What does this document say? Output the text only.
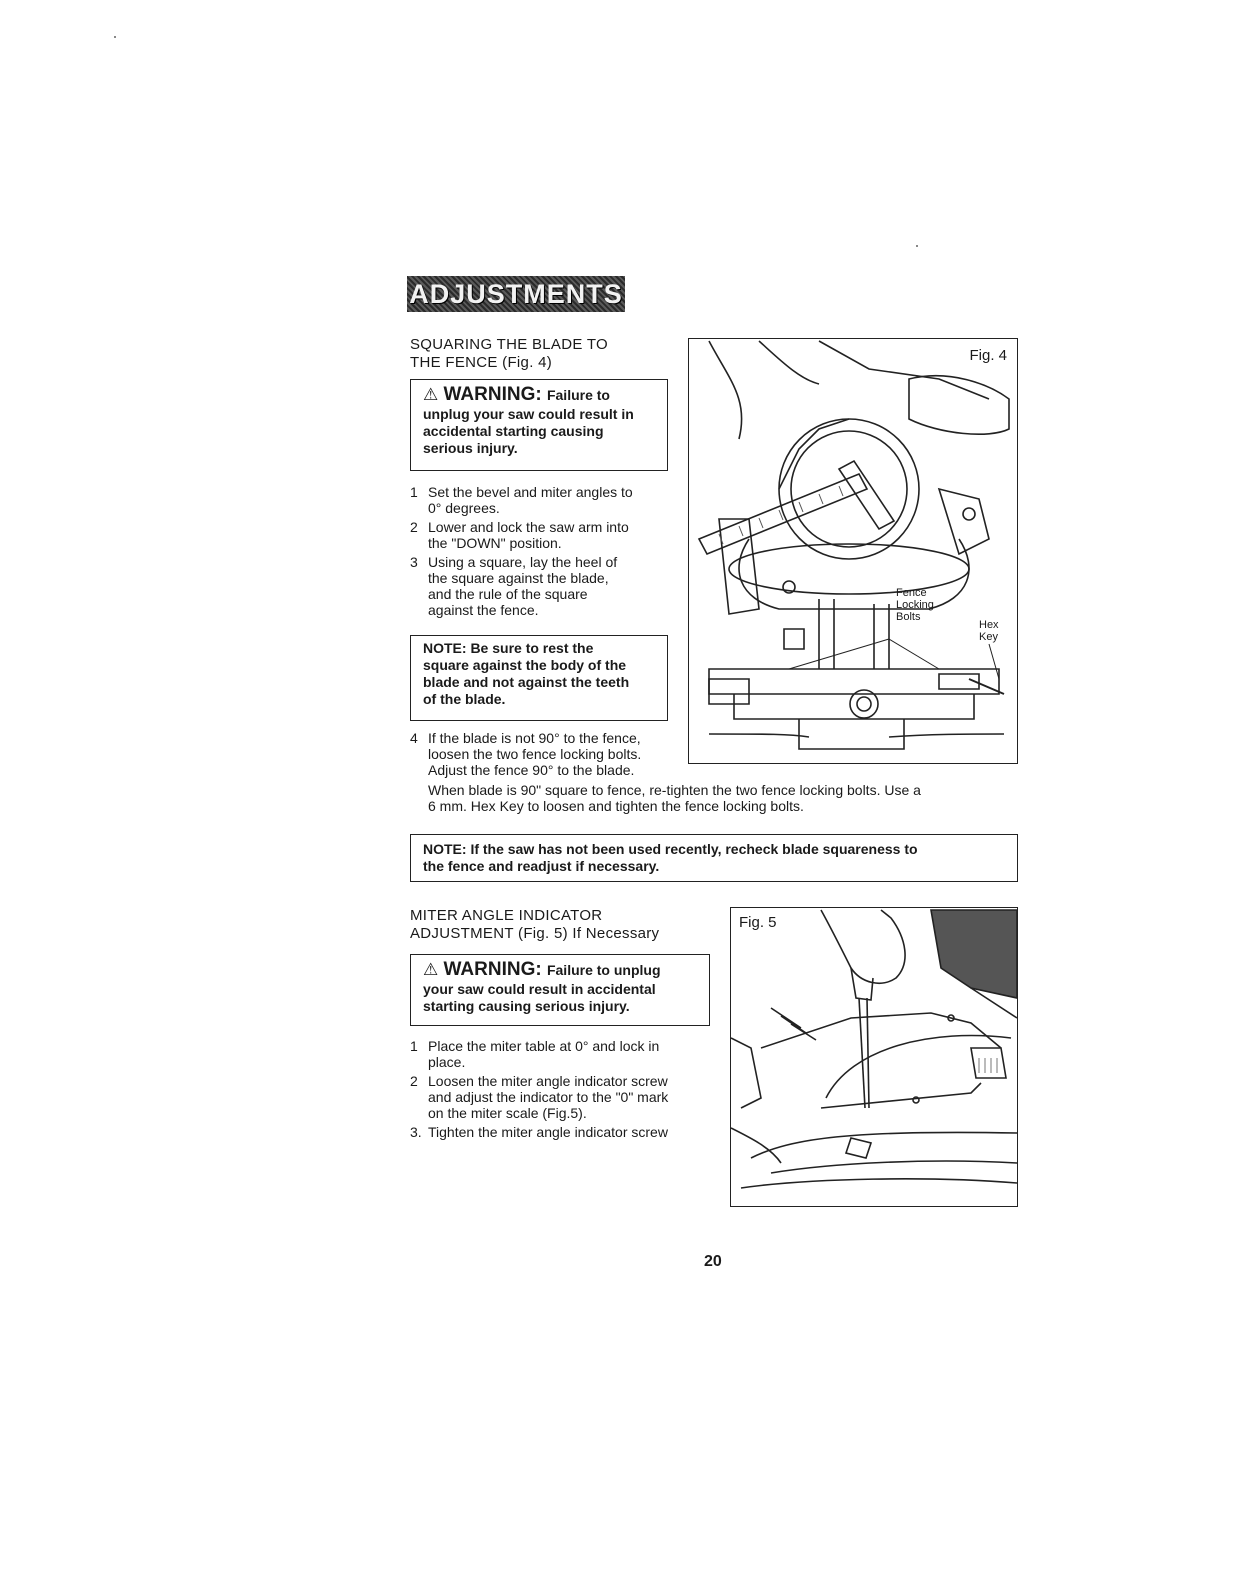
ADJUSTMENTS
SQUARING THE BLADE TO
THE FENCE (Fig. 4)
⚠ WARNING: Failure to
unplug your saw could result in
accidental starting causing
serious injury.
1 Set the bevel and miter angles to
0° degrees.
2 Lower and lock the saw arm into
the "DOWN" position.
3 Using a square, lay the heel of
the square against the blade,
and the rule of the square
against the fence.
NOTE: Be sure to rest the
square against the body of the
blade and not against the teeth
of the blade.
4 If the blade is not 90° to the fence,
loosen the two fence locking bolts.
Adjust the fence 90° to the blade.
When blade is 90" square to fence, re-tighten the two fence locking bolts. Use a
6 mm. Hex Key to loosen and tighten the fence locking bolts.
NOTE: If the saw has not been used recently, recheck blade squareness to
the fence and readjust if necessary.
Fig. 4
Fence
Locking
Bolts
Hex
Key
MITER ANGLE INDICATOR
ADJUSTMENT (Fig. 5) If Necessary
⚠ WARNING: Failure to unplug
your saw could result in accidental
starting causing serious injury.
1 Place the miter table at 0° and lock in
place.
2 Loosen the miter angle indicator screw
and adjust the indicator to the "0" mark
on the miter scale (Fig.5).
3. Tighten the miter angle indicator screw
Fig. 5
20
